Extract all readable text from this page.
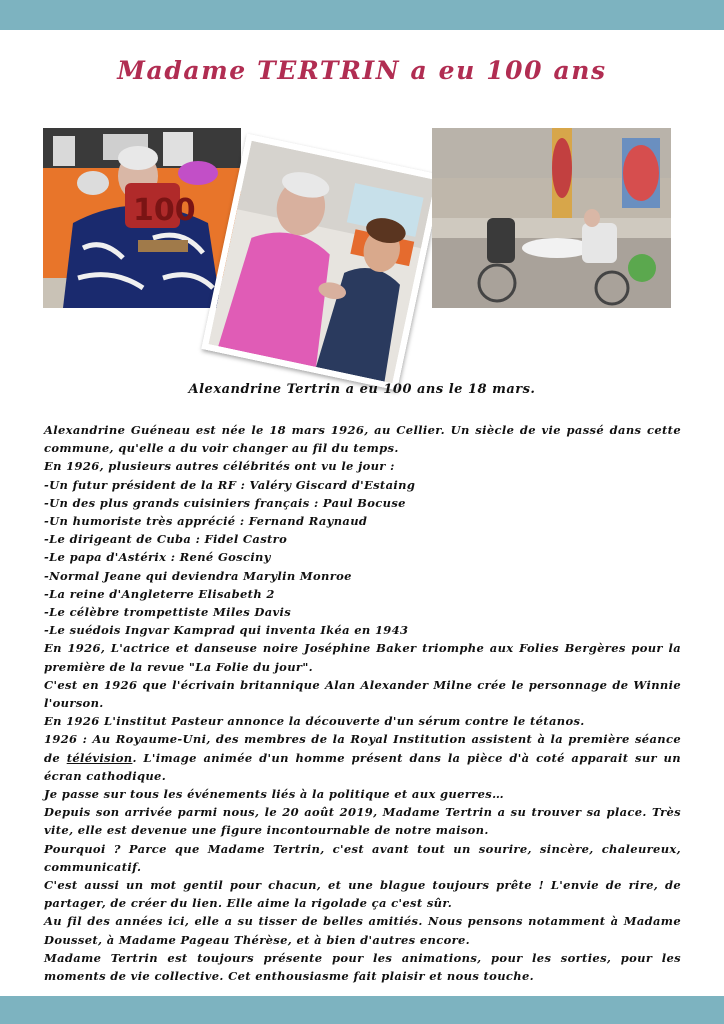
Madame TERTRIN a eu 100 ans
100
Alexandrine Tertrin a eu 100 ans le 18 mars.

Alexandrine Guéneau est née le 18 mars 1926, au Cellier. Un siècle de vie passé dans cette commune, qu'elle a du voir changer au fil du temps.

En 1926, plusieurs autres célébrités ont vu le jour :

-Un futur président de la RF : Valéry Giscard d'Estaing

-Un des plus grands cuisiniers français : Paul Bocuse

-Un humoriste très apprécié : Fernand Raynaud

-Le dirigeant de Cuba : Fidel Castro

-Le papa d'Astérix : René Gosciny

-Normal Jeane qui deviendra Marylin Monroe

-La reine d'Angleterre Elisabeth 2

-Le célèbre trompettiste Miles Davis

-Le suédois Ingvar Kamprad qui inventa Ikéa en 1943

En 1926, L'actrice et danseuse noire Joséphine Baker triomphe aux Folies Bergères pour la première de la revue "La Folie du jour".

C'est en 1926 que l'écrivain britannique Alan Alexander Milne crée le personnage de Winnie l'ourson.

En 1926 L'institut Pasteur annonce la découverte d'un sérum contre le tétanos.

1926 : Au Royaume-Uni, des membres de la Royal Institution assistent à la première séance de télévision. L'image animée d'un homme présent dans la pièce d'à coté apparait sur un écran cathodique.

Je passe sur tous les événements liés à la politique et aux guerres…

Depuis son arrivée parmi nous, le 20 août 2019, Madame Tertrin a su trouver sa place. Très vite, elle est devenue une figure incontournable de notre maison.

Pourquoi ? Parce que Madame Tertrin, c'est avant tout un sourire, sincère, chaleureux, communicatif.

C'est aussi un mot gentil pour chacun, et une blague toujours prête ! L'envie de rire, de partager, de créer du lien. Elle aime la rigolade ça c'est sûr.

Au fil des années ici, elle a su tisser de belles amitiés. Nous pensons notamment à Madame Dousset, à Madame Pageau Thérèse, et à bien d'autres encore.

Madame Tertrin est toujours présente pour les animations, pour les sorties, pour les moments de vie collective. Cet enthousiasme fait plaisir et nous touche.
